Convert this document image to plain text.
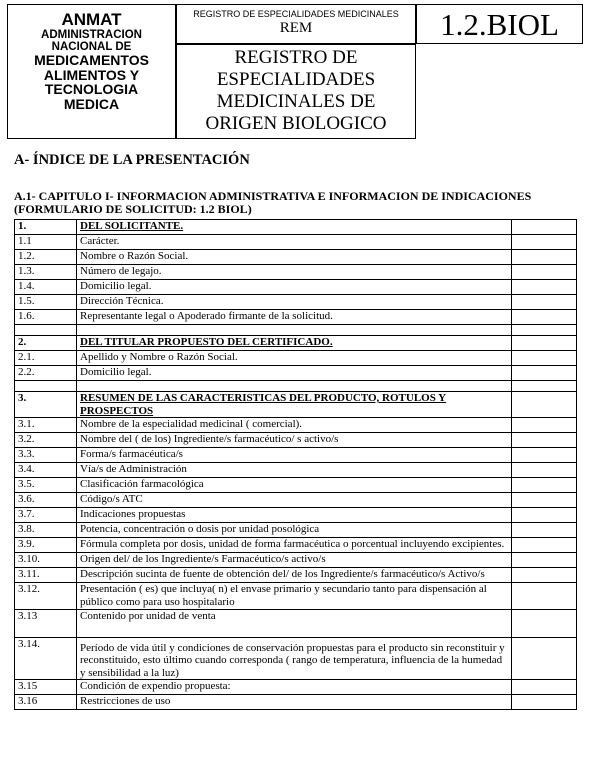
ANMAT
ADMINISTRACION
NACIONAL DE
MEDICAMENTOS
ALIMENTOS Y
TECNOLOGIA
MEDICA
REGISTRO DE ESPECIALIDADES MEDICINALES
REM
REGISTRO DE
ESPECIALIDADES
MEDICINALES DE
ORIGEN BIOLOGICO
1.2.BIOL
A- ÍNDICE DE LA PRESENTACIÓN
A.1- CAPITULO I- INFORMACION ADMINISTRATIVA E INFORMACION DE INDICACIONES (FORMULARIO DE SOLICITUD: 1.2 BIOL)
1.	DEL SOLICITANTE.	
1.1	Carácter.	
1.2.	Nombre o Razón Social.	
1.3.	Número de legajo.	
1.4.	Domicilio legal.	
1.5.	Dirección Técnica.	
1.6.	Representante legal o Apoderado firmante de la solicitud.	

2.	DEL TITULAR PROPUESTO DEL CERTIFICADO.	
2.1.	Apellido y Nombre o Razón Social.	
2.2.	Domicilio legal.	

3.	RESUMEN DE LAS CARACTERISTICAS DEL PRODUCTO, ROTULOS Y PROSPECTOS	
3.1.	Nombre de la especialidad medicinal ( comercial).	
3.2.	Nombre del ( de los) Ingrediente/s farmacéutico/ s activo/s	
3.3.	Forma/s farmacéutica/s	
3.4.	Vía/s de Administración	
3.5.	Clasificación farmacológica	
3.6.	Código/s ATC	
3.7.	Indicaciones propuestas	
3.8.	Potencia, concentración o dosis por unidad posológica	
3.9.	Fórmula completa por dosis, unidad de forma farmacéutica o porcentual incluyendo excipientes.	
3.10.	Origen del/ de los Ingrediente/s Farmacéutico/s activo/s	
3.11.	Descripción sucinta de fuente de obtención del/ de los Ingrediente/s farmacéutico/s Activo/s	
3.12.	Presentación ( es) que incluya( n) el envase primario y secundario tanto para dispensación al público como para uso hospitalario	
3.13	Contenido por unidad de venta	
3.14.	Período de vida útil y condiciones de conservación propuestas para el producto sin reconstituir y reconstituido, esto último cuando corresponda ( rango de temperatura, influencia de la humedad y sensibilidad a la luz)	
3.15	Condición de expendio propuesta:	
3.16	Restricciones de uso	
